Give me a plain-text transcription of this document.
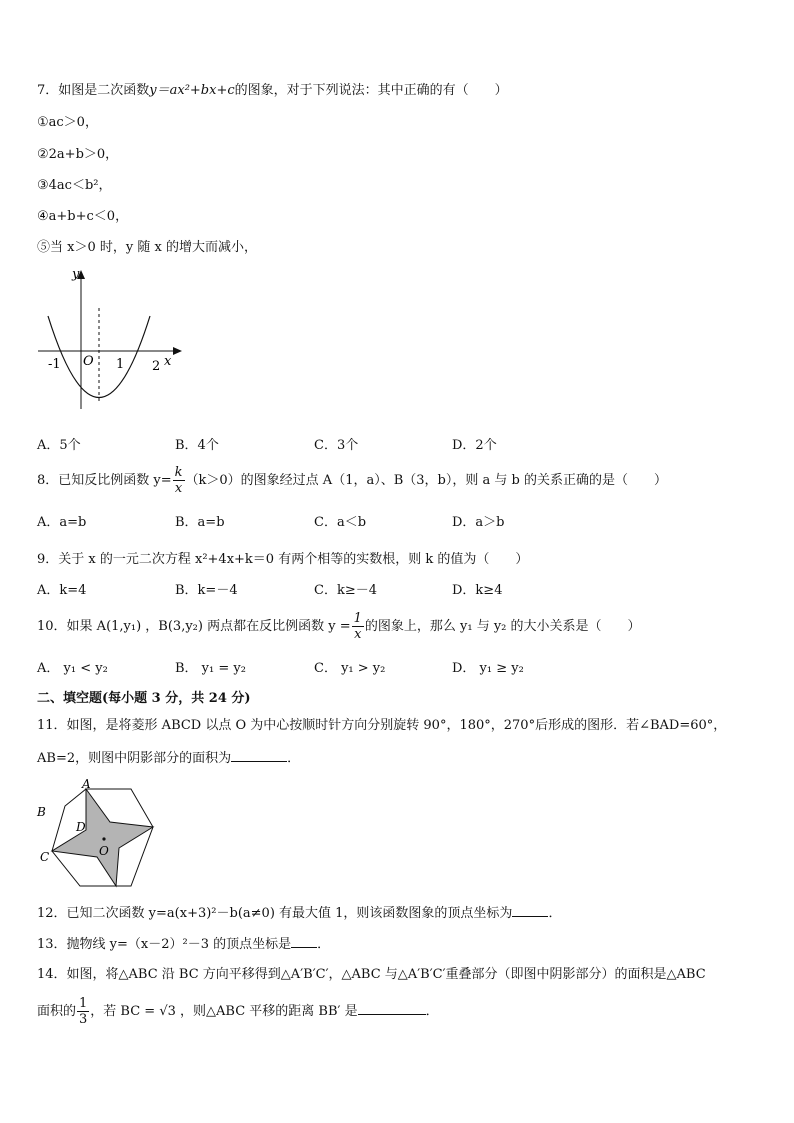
7．如图是二次函数y＝ax²+bx+c的图象，对于下列说法：其中正确的有（　　）
①ac＞0，
②2a+b＞0，
③4ac＜b²，
④a+b+c＜0，
⑤当 x＞0 时，y 随 x 的增大而减小，
y
x
O
-1	1 2
A．5个	B．4个	C．3个	D．2个
8．已知反比例函数 $y= \frac{k}{x} (k>0)$的图象经过点 A（1，a）、B（3，b），则 a 与 b 的关系正确的是（　　）
A．a=b	B．a=b	C．a＜b	D．a＞b
9．关于 x 的一元二次方程 x²+4x+k＝0 有两个相等的实数根，则 k 的值为（　　）
A．k=4	B．k=－4	C．k≥－4	D．k≥4
10．如果 A(1,y₁) ，B(3,y₂) 两点都在反比例函数 $y = \frac{1}{x}$ 的图象上，那么 y₁ 与 y₂ 的大小关系是（　　）
A． y₁ < y₂	B． y₁ = y₂	C． y₁ > y₂	D． y₁ ≥ y₂
二、填空题(每小题 3 分，共 24 分)
11．如图，是将菱形 ABCD 以点 O 为中心按顺时针方向分别旋转 90°，180°，270°后形成的图形．若∠BAD=60°，
AB=2，则图中阴影部分的面积为	．
A
B
C
D
O
12．已知二次函数 y=a(x+3)²－b(a≠0) 有最大值 1，则该函数图象的顶点坐标为	．
13．抛物线 y=（x－2）²－3 的顶点坐标是 ．
14．如图，将△ABC 沿 BC 方向平移得到△A′B′C′，△ABC 与△A′B′C′重叠部分（即图中阴影部分）的面积是△ABC
面积的 $\frac{1}{3}$ ，若 BC = √3 ，则△ABC 平移的距离 BB′ 是	．
